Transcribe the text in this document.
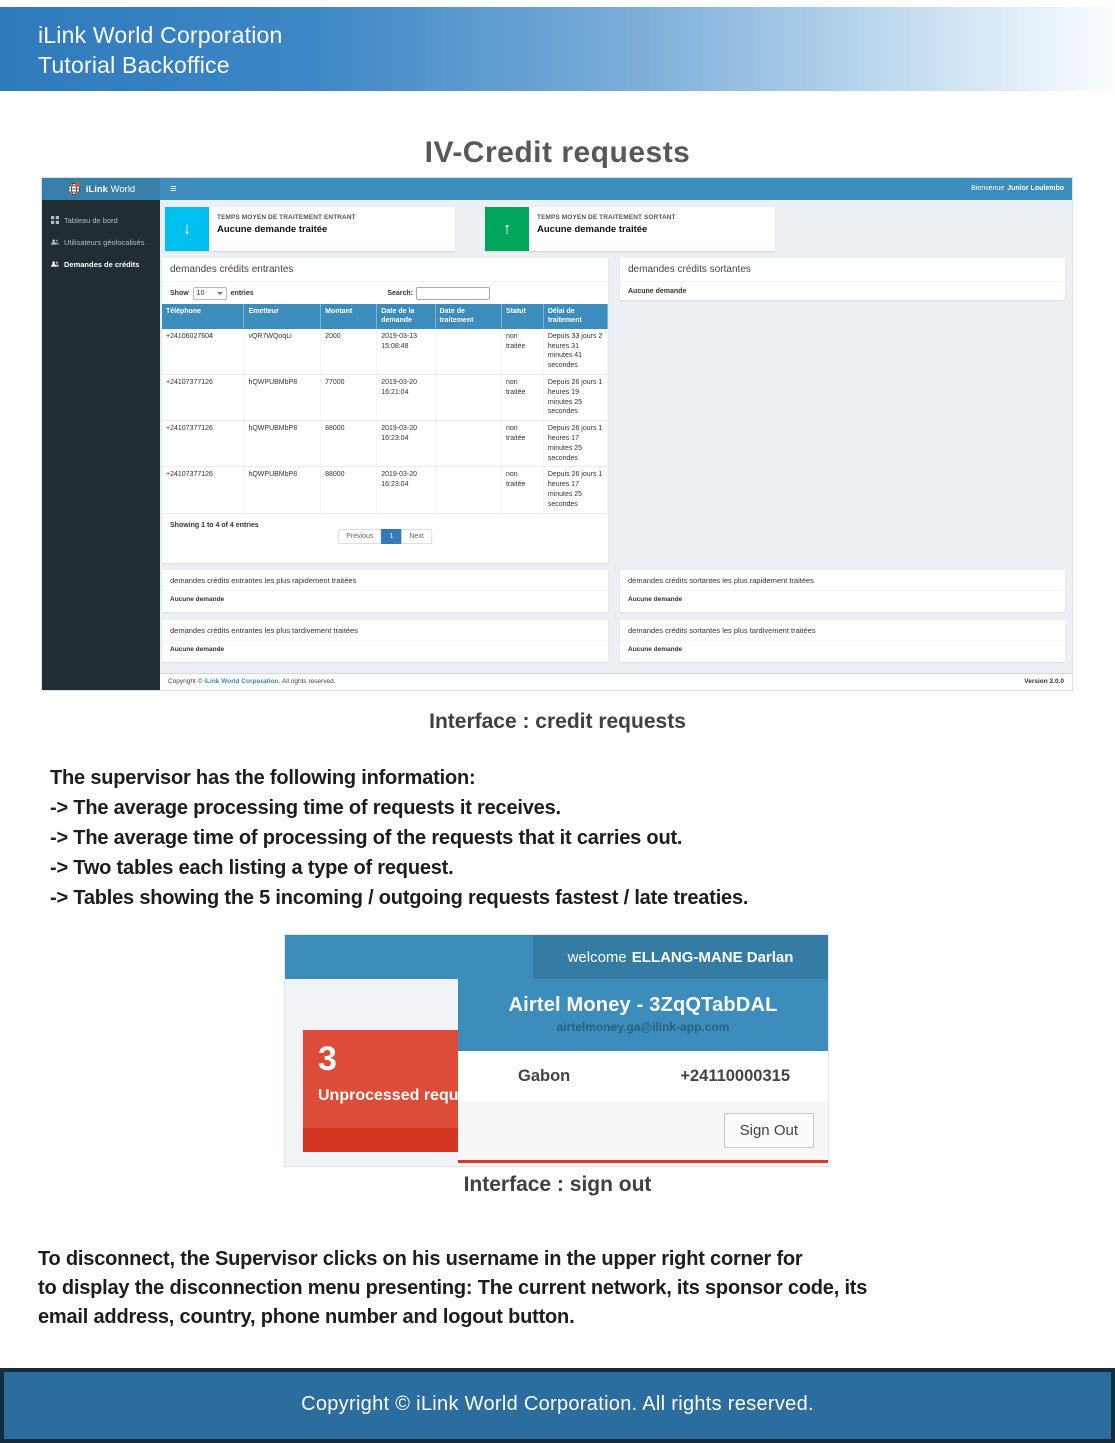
iLink World Corporation
Tutorial Backoffice
IV-Credit requests
iLink World	≡	Bienvenue Junior Loulembo
Tableau de bord
Utilisateurs géolocalisés
Demandes de crédits
↓
TEMPS MOYEN DE TRAITEMENT ENTRANT
Aucune demande traitée	↑
TEMPS MOYEN DE TRAITEMENT SORTANT
Aucune demande traitée
demandes crédits entrantes
Show 10	entries	Search:
Téléphone	Emetteur	Montant	Date de la demande	Date de traitement	Statut	Délai de traitement
+24106027604	vQR7WQoqLi	2000	2019-03-13 15:08:48		non traitée	Depuis 33 jours 2 heures 31 minutes 41 secondes
+24107377126	hQWPUBMbP8	77000	2019-03-20 16:21:04		non traitée	Depuis 26 jours 1 heures 19 minutes 25 secondes
+24107377126	hQWPUBMbP8	88000	2019-03-20 16:23:04		non traitée	Depuis 26 jours 1 heures 17 minutes 25 secondes
+24107377126	hQWPUBMbP8	88000	2019-03-20 16:23:04		non traitée	Depuis 26 jours 1 heures 17 minutes 25 secondes
Showing 1 to 4 of 4 entries
Previous	1	Next
demandes crédits sortantes
Aucune demande
demandes crédits entrantes les plus rapidement traitées
Aucune demande
demandes crédits sortantes les plus rapidement traitées
Aucune demande
demandes crédits entrantes les plus tardivement traitées
Aucune demande
demandes crédits sortantes les plus tardivement traitées
Aucune demande
Copyright © iLink World Corporation. All rights reserved.	Version 2.0.0
Interface : credit requests
The supervisor has the following information:
-> The average processing time of requests it receives.
-> The average time of processing of the requests that it carries out.
-> Two tables each listing a type of request.
-> Tables showing the 5 incoming / outgoing requests fastest / late treaties.
welcome ELLANG-MANE Darlan
3
Unprocessed requ
Airtel Money - 3ZqQTabDAL
airtelmoney.ga@ilink-app.com
Gabon	+24110000315
Sign Out
Interface : sign out
To disconnect, the Supervisor clicks on his username in the upper right corner for
to display the disconnection menu presenting: The current network, its sponsor code, its
email address, country, phone number and logout button.
Copyright © iLink World Corporation. All rights reserved.
